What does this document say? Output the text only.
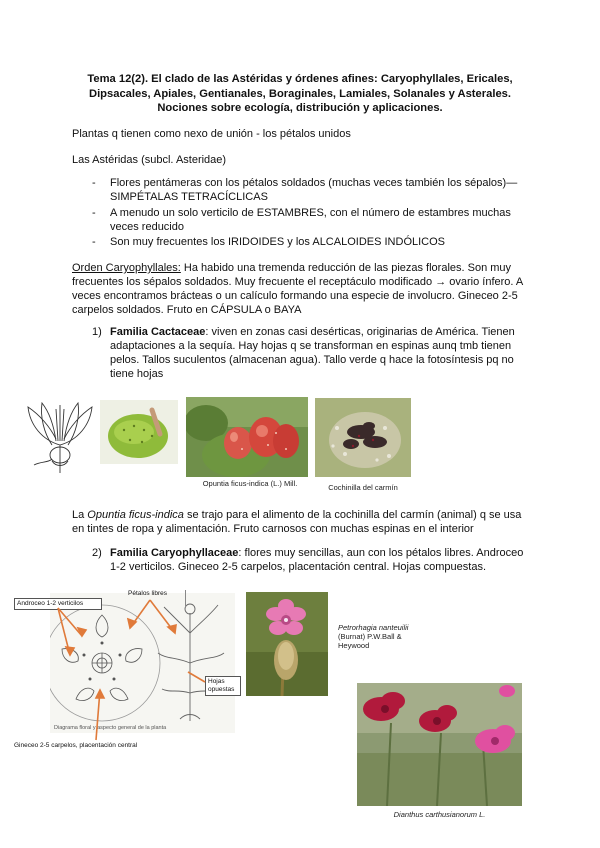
Tema 12(2). El clado de las Astéridas y órdenes afines: Caryophyllales, Ericales,
Dipsacales, Apiales, Gentianales, Boraginales, Lamiales, Solanales y Asterales.
Nociones sobre ecología, distribución y aplicaciones.
Plantas q tienen como nexo de unión - los pétalos unidos
Las Astéridas (subcl. Asteridae)
-	Flores pentámeras con los pétalos soldados (muchas veces también los sépalos)—SIMPÉTALAS TETRACÍCLICAS
-	A menudo un solo verticilo de ESTAMBRES, con el número de estambres muchas veces reducido
-	Son muy frecuentes los IRIDOIDES y los ALCALOIDES INDÓLICOS
Orden Caryophyllales: Ha habido una tremenda reducción de las piezas florales. Son muy frecuentes los sépalos soldados. Muy frecuente el receptáculo modificado → ovario ínfero. A veces encontramos brácteas o un calículo formando una especie de involucro. Gineceo 2-5 carpelos soldados. Fruto en CÁPSULA o BAYA
1) Familia Cactaceae: viven en zonas casi desérticas, originarias de América. Tienen adaptaciones a la sequía. Hay hojas q se transforman en espinas aunq tmb tienen pelos. Tallos suculentos (almacenan agua). Tallo verde q hace la fotosíntesis pq no tiene hojas
Opuntia ficus-indica (L.) Mill.	Cochinilla del carmín
La Opuntia ficus-indica se trajo para el alimento de la cochinilla del carmín (animal) q se usa en tintes de ropa y alimentación. Fruto carnosos con muchas espinas en el interior
2) Familia Caryophyllaceae: flores muy sencillas, aun con los pétalos libres. Androceo 1-2 verticilos. Gineceo 2-5 carpelos, placentación central. Hojas compuestas.
Androceo 1-2 verticilos
Pétalos libres
Hojas opuestas
Diagrama floral y aspecto general de la planta
Gineceo 2-5 carpelos, placentación central
Petrorhagia nanteuilii
(Burnat) P.W.Ball &
Heywood
Dianthus carthusianorum L.
